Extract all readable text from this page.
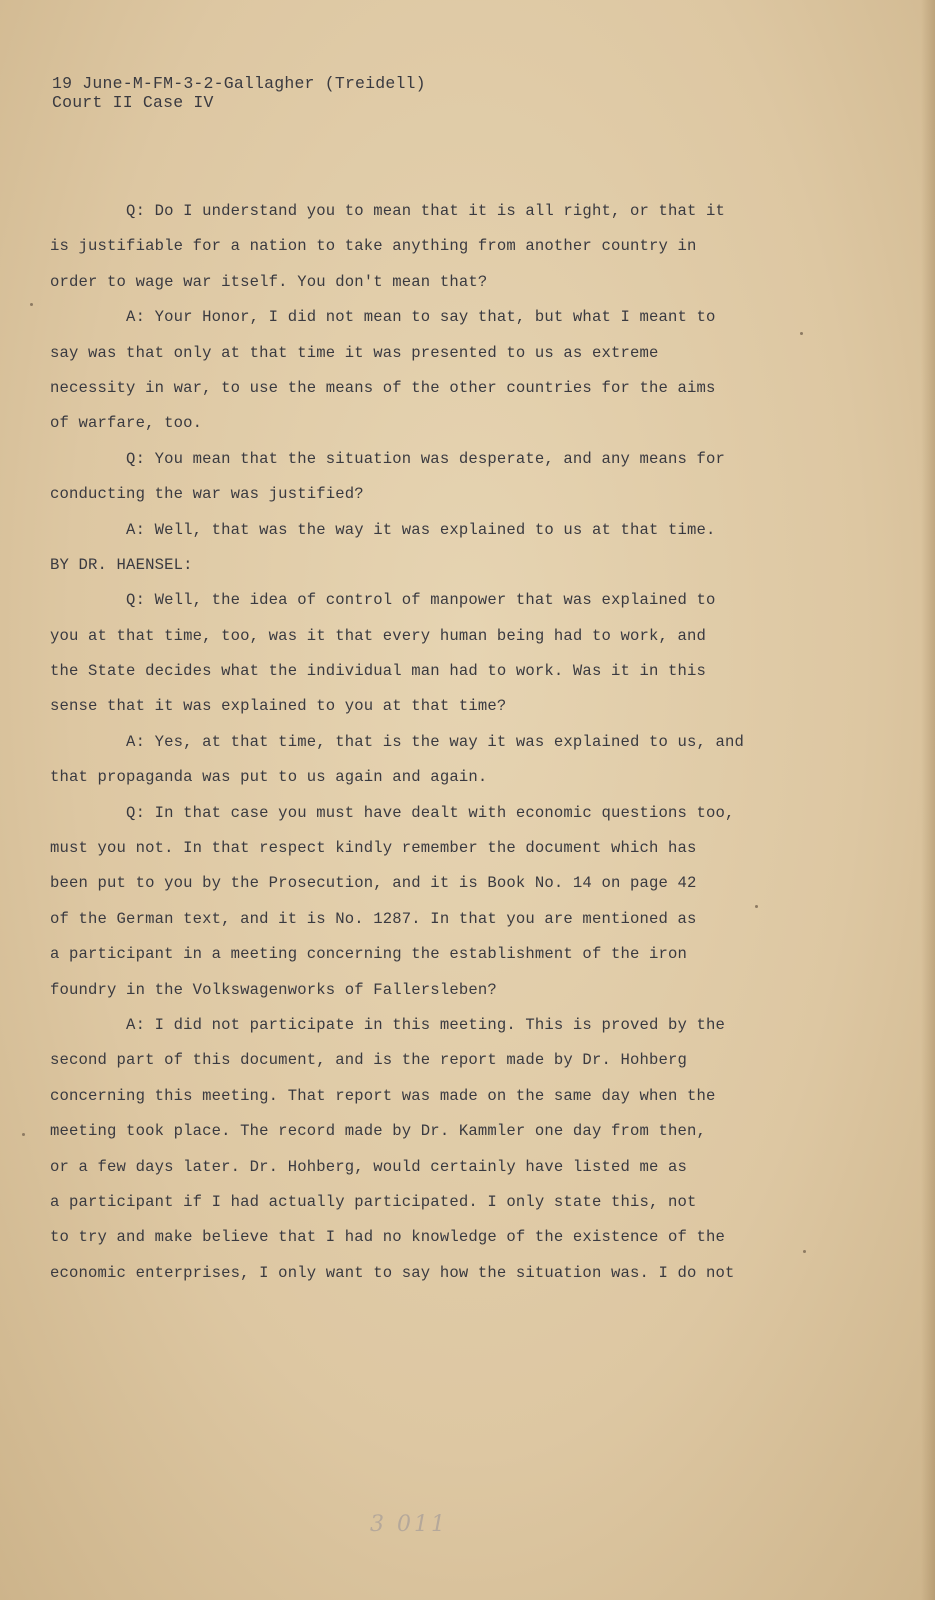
19 June-M-FM-3-2-Gallagher (Treidell)
Court II Case IV
Q: Do I understand you to mean that it is all right, or that it
is justifiable for a nation to take anything from another country in
order to wage war itself. You don't mean that?
A: Your Honor, I did not mean to say that, but what I meant to
say was that only at that time it was presented to us as extreme
necessity in war, to use the means of the other countries for the aims
of warfare, too.
Q: You mean that the situation was desperate, and any means for
conducting the war was justified?
A: Well, that was the way it was explained to us at that time.
BY DR. HAENSEL:
Q: Well, the idea of control of manpower that was explained to
you at that time, too, was it that every human being had to work, and
the State decides what the individual man had to work. Was it in this
sense that it was explained to you at that time?
A: Yes, at that time, that is the way it was explained to us, and
that propaganda was put to us again and again.
Q: In that case you must have dealt with economic questions too,
must you not. In that respect kindly remember the document which has
been put to you by the Prosecution, and it is Book No. 14 on page 42
of the German text, and it is No. 1287. In that you are mentioned as
a participant in a meeting concerning the establishment of the iron
foundry in the Volkswagenworks of Fallersleben?
A: I did not participate in this meeting. This is proved by the
second part of this document, and is the report made by Dr. Hohberg
concerning this meeting. That report was made on the same day when the
meeting took place. The record made by Dr. Kammler one day from then,
or a few days later. Dr. Hohberg, would certainly have listed me as
a participant if I had actually participated. I only state this, not
to try and make believe that I had no knowledge of the existence of the
economic enterprises, I only want to say how the situation was. I do not
3 011
